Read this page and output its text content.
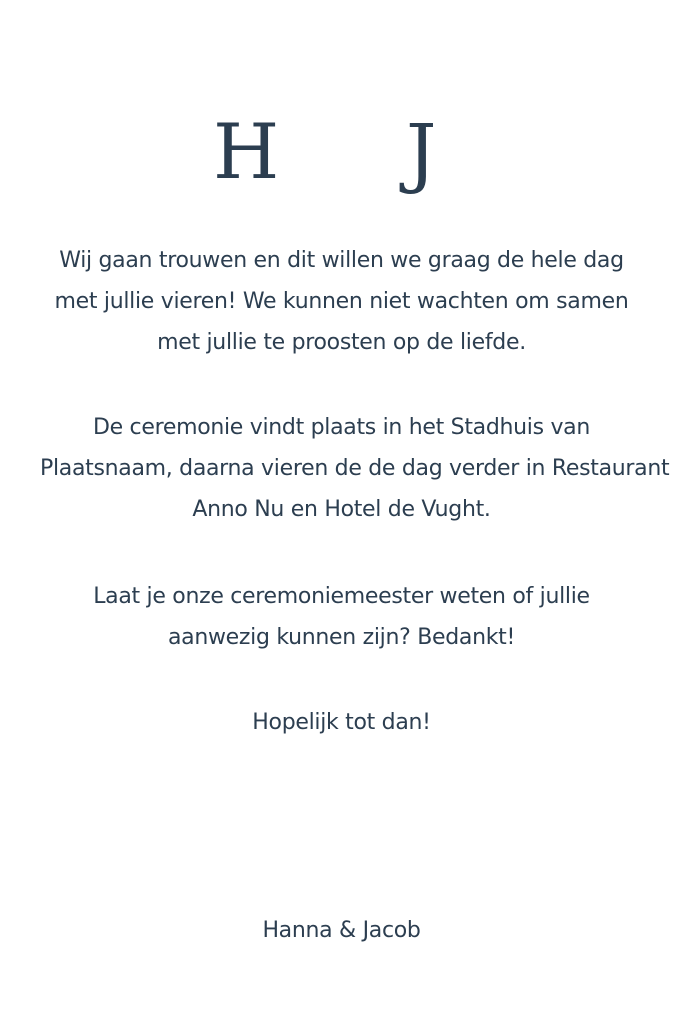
H J
Wij gaan trouwen en dit willen we graag de hele dag
met jullie vieren! We kunnen niet wachten om samen
met jullie te proosten op de liefde.
De ceremonie vindt plaats in het Stadhuis van
Plaatsnaam, daarna vieren de de dag verder in Restaurant
Anno Nu en Hotel de Vught.
Laat je onze ceremoniemeester weten of jullie
aanwezig kunnen zijn? Bedankt!
Hopelijk tot dan!
Hanna & Jacob
